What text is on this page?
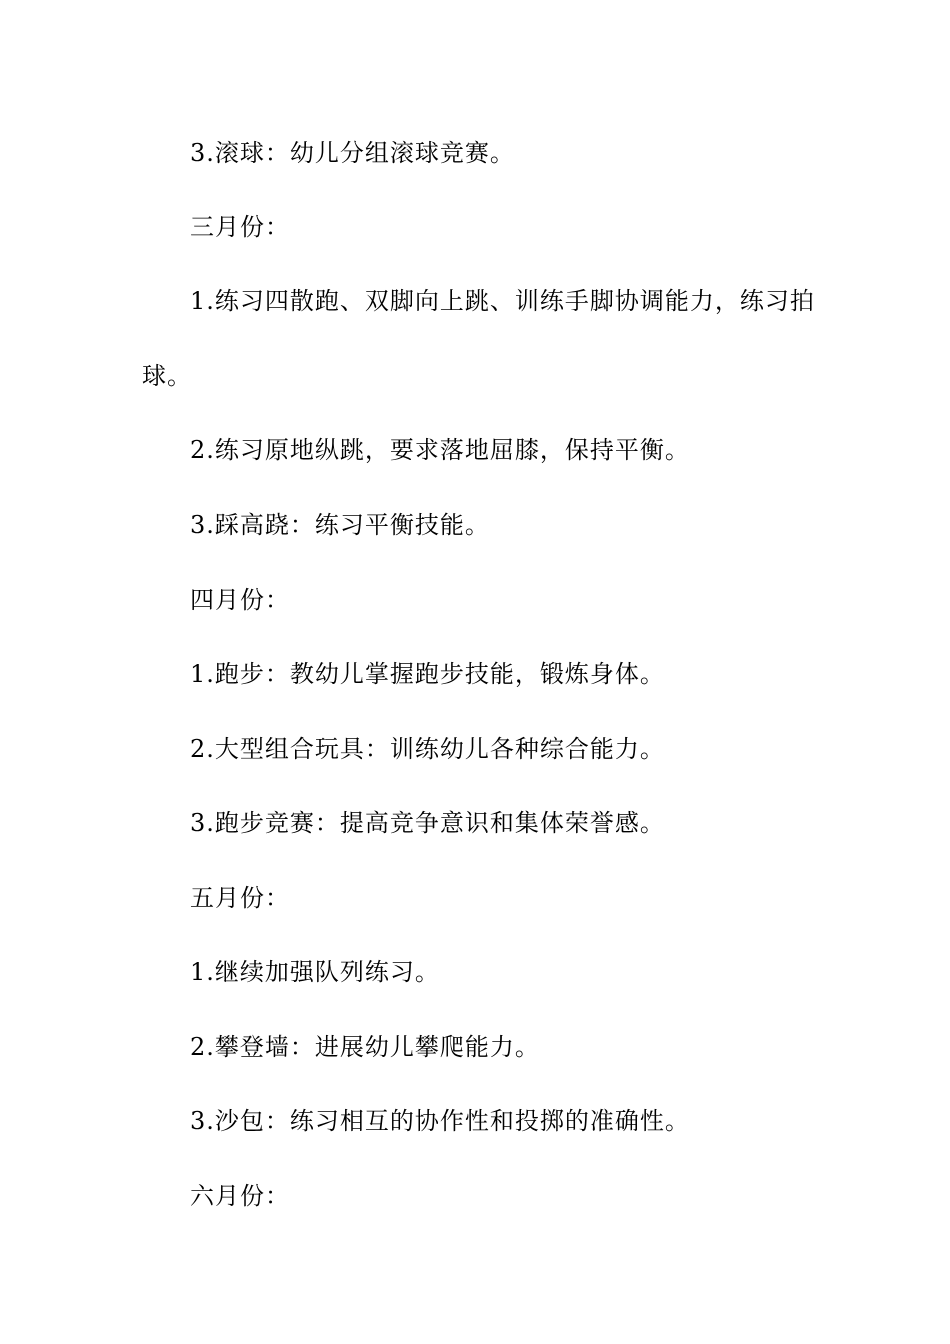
3.滚球：幼儿分组滚球竞赛。
三月份：
1.练习四散跑、双脚向上跳、训练手脚协调能力，练习拍
球。
2.练习原地纵跳，要求落地屈膝，保持平衡。
3.踩高跷：练习平衡技能。
四月份：
1.跑步：教幼儿掌握跑步技能，锻炼身体。
2.大型组合玩具：训练幼儿各种综合能力。
3.跑步竞赛：提高竞争意识和集体荣誉感。
五月份：
1.继续加强队列练习。
2.攀登墙：进展幼儿攀爬能力。
3.沙包：练习相互的协作性和投掷的准确性。
六月份：
